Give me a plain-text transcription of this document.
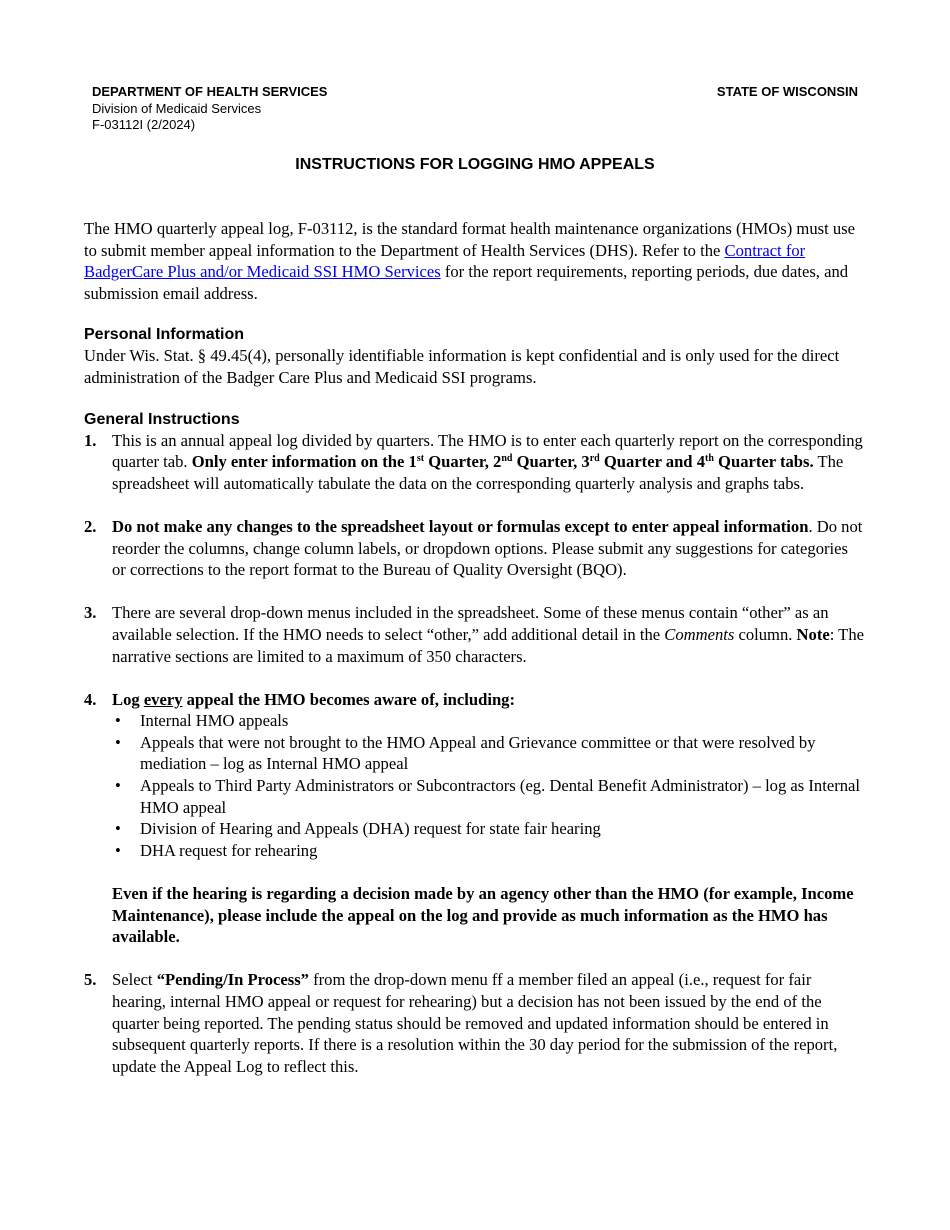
DEPARTMENT OF HEALTH SERVICES
Division of Medicaid Services
F-03112I (2/2024)
STATE OF WISCONSIN
INSTRUCTIONS FOR LOGGING HMO APPEALS

The HMO quarterly appeal log, F-03112, is the standard format health maintenance organizations (HMOs) must use to submit member appeal information to the Department of Health Services (DHS). Refer to the Contract for BadgerCare Plus and/or Medicaid SSI HMO Services for the report requirements, reporting periods, due dates, and submission email address.

Personal Information

Under Wis. Stat. § 49.45(4), personally identifiable information is kept confidential and is only used for the direct administration of the Badger Care Plus and Medicaid SSI programs.

General Instructions
1. This is an annual appeal log divided by quarters. The HMO is to enter each quarterly report on the corresponding quarter tab. Only enter information on the 1st Quarter, 2nd Quarter, 3rd Quarter and 4th Quarter tabs. The spreadsheet will automatically tabulate the data on the corresponding quarterly analysis and graphs tabs.
2. Do not make any changes to the spreadsheet layout or formulas except to enter appeal information. Do not reorder the columns, change column labels, or dropdown options. Please submit any suggestions for categories or corrections to the report format to the Bureau of Quality Oversight (BQO).
3. There are several drop-down menus included in the spreadsheet. Some of these menus contain “other” as an available selection. If the HMO needs to select “other,” add additional detail in the Comments column. Note: The narrative sections are limited to a maximum of 350 characters.
4. Log every appeal the HMO becomes aware of, including:
• Internal HMO appeals
• Appeals that were not brought to the HMO Appeal and Grievance committee or that were resolved by mediation – log as Internal HMO appeal
• Appeals to Third Party Administrators or Subcontractors (eg. Dental Benefit Administrator) – log as Internal HMO appeal
• Division of Hearing and Appeals (DHA) request for state fair hearing
• DHA request for rehearing
Even if the hearing is regarding a decision made by an agency other than the HMO (for example, Income Maintenance), please include the appeal on the log and provide as much information as the HMO has available.
5. Select “Pending/In Process” from the drop-down menu ff a member filed an appeal (i.e., request for fair hearing, internal HMO appeal or request for rehearing) but a decision has not been issued by the end of the quarter being reported. The pending status should be removed and updated information should be entered in subsequent quarterly reports. If there is a resolution within the 30 day period for the submission of the report, update the Appeal Log to reflect this.
